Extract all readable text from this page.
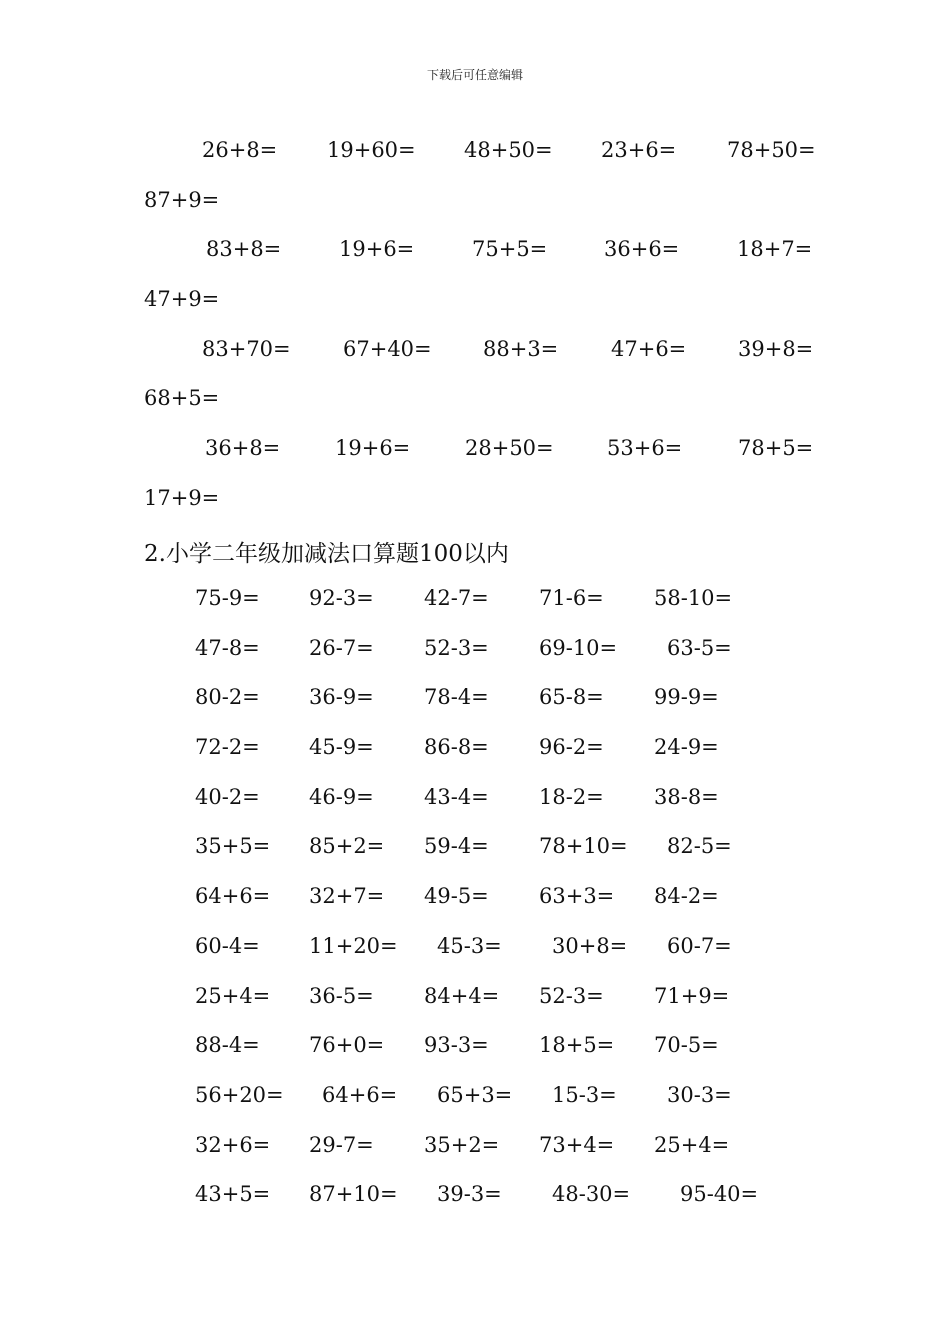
下载后可任意编辑
26+8= 19+60= 48+50= 23+6= 78+50=
87+9=
83+8=	19+6=	75+5=	36+6=	18+7=
47+9=
83+70= 67+40= 88+3=	47+6= 39+8=
68+5=
36+8=	19+6=	28+50=	53+6=	78+5=
17+9=
2.小学二年级加减法口算题100以内
75-9= 92-3= 42-7= 71-6= 58-10=
47-8= 26-7= 52-3= 69-10= 63-5=
80-2= 36-9= 78-4= 65-8= 99-9=
72-2= 45-9= 86-8= 96-2= 24-9=
40-2= 46-9= 43-4= 18-2= 38-8=
35+5= 85+2= 59-4= 78+10= 82-5=
64+6= 32+7= 49-5= 63+3= 84-2=
60-4= 11+20= 45-3= 30+8= 60-7=
25+4= 36-5= 84+4= 52-3= 71+9=
88-4= 76+0= 93-3= 18+5= 70-5=
56+20= 64+6= 65+3= 15-3= 30-3=
32+6= 29-7= 35+2= 73+4= 25+4=
43+5= 87+10= 39-3= 48-30= 95-40=
